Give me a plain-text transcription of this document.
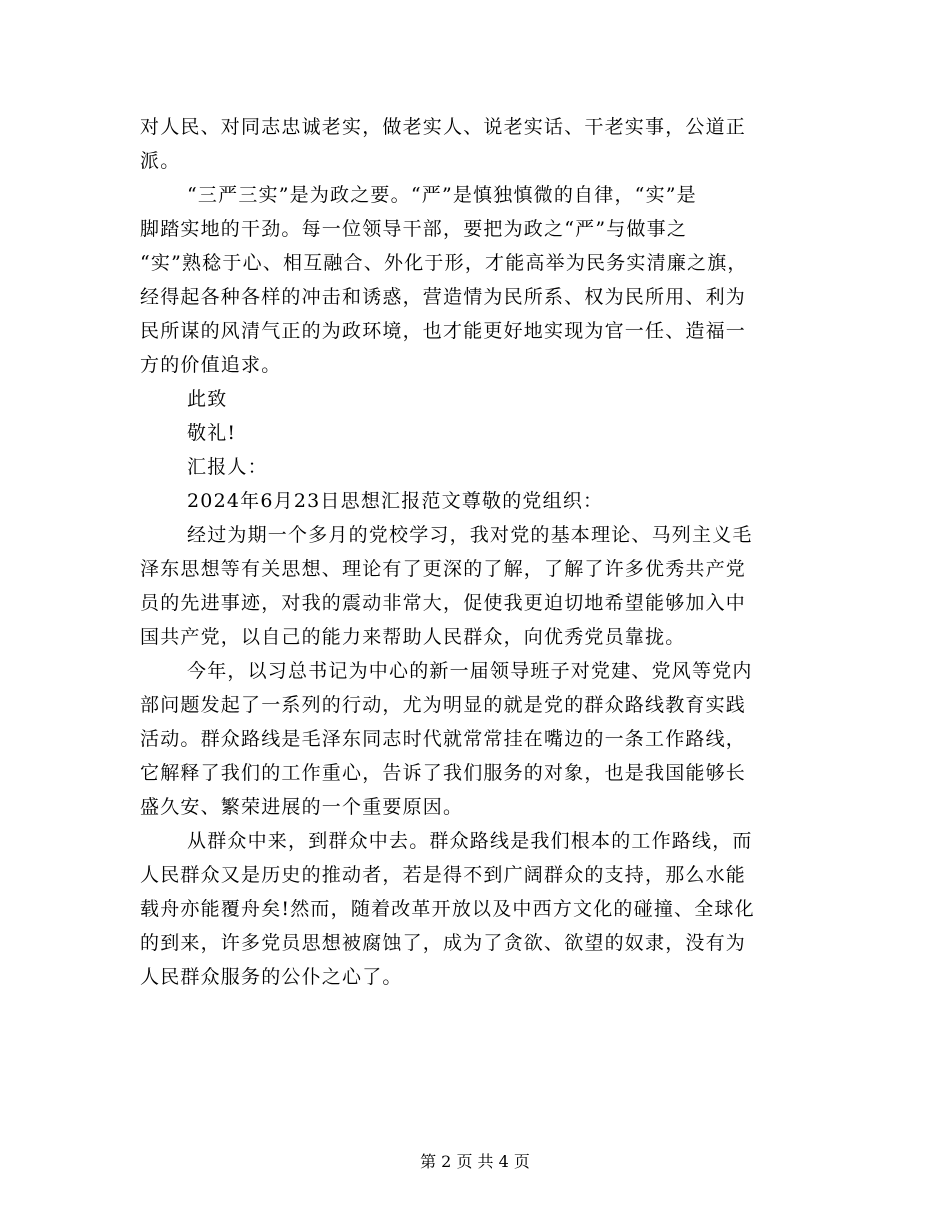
对人民、对同志忠诚老实，做老实人、说老实话、干老实事，公道正
派。
“三严三实”是为政之要。“严”是慎独慎微的自律，“实”是
脚踏实地的干劲。每一位领导干部，要把为政之“严”与做事之
“实”熟稔于心、相互融合、外化于形，才能高举为民务实清廉之旗，
经得起各种各样的冲击和诱惑，营造情为民所系、权为民所用、利为
民所谋的风清气正的为政环境，也才能更好地实现为官一任、造福一
方的价值追求。
此致
敬礼!
汇报人：
2024年6月23日思想汇报范文尊敬的党组织：
经过为期一个多月的党校学习，我对党的基本理论、马列主义毛
泽东思想等有关思想、理论有了更深的了解，了解了许多优秀共产党
员的先进事迹，对我的震动非常大，促使我更迫切地希望能够加入中
国共产党，以自己的能力来帮助人民群众，向优秀党员靠拢。
今年，以习总书记为中心的新一届领导班子对党建、党风等党内
部问题发起了一系列的行动，尤为明显的就是党的群众路线教育实践
活动。群众路线是毛泽东同志时代就常常挂在嘴边的一条工作路线，
它解释了我们的工作重心，告诉了我们服务的对象，也是我国能够长
盛久安、繁荣进展的一个重要原因。
从群众中来，到群众中去。群众路线是我们根本的工作路线，而
人民群众又是历史的推动者，若是得不到广阔群众的支持，那么水能
载舟亦能覆舟矣!然而，随着改革开放以及中西方文化的碰撞、全球化
的到来，许多党员思想被腐蚀了，成为了贪欲、欲望的奴隶，没有为
人民群众服务的公仆之心了。
第 2 页 共 4 页
